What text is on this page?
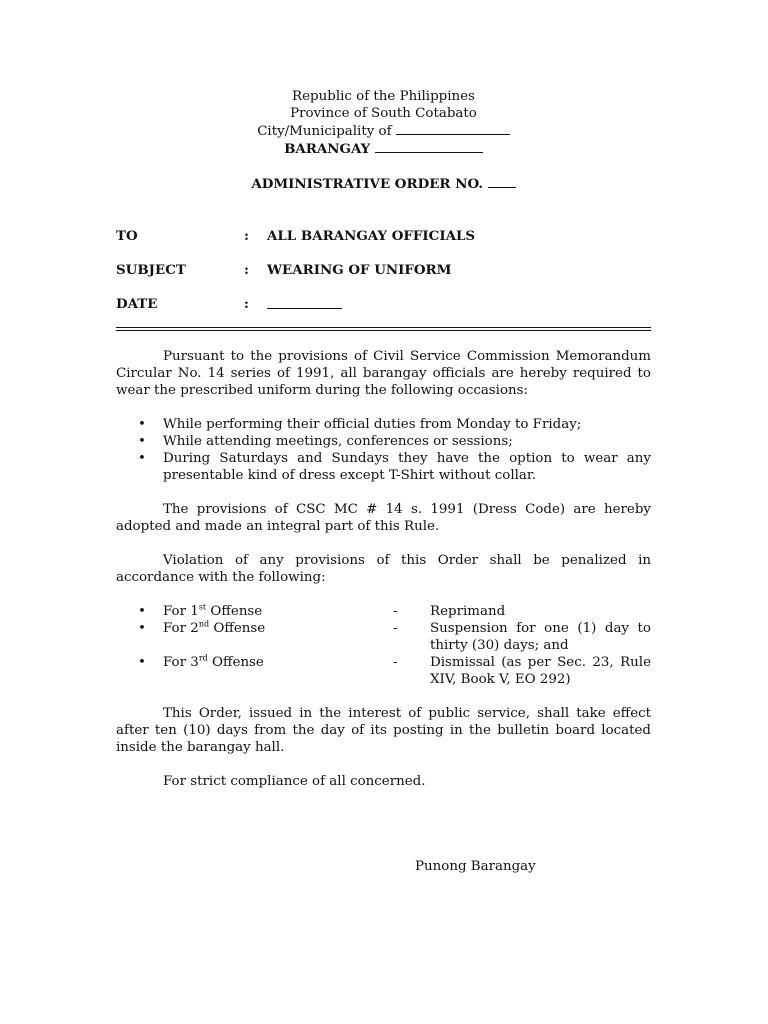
Republic of the Philippines
Province of South Cotabato
City/Municipality of
BARANGAY
ADMINISTRATIVE ORDER NO.
TO	:	ALL BARANGAY OFFICIALS
SUBJECT	:	WEARING OF UNIFORM
DATE	:

Pursuant to the provisions of Civil Service Commission Memorandum Circular No. 14 series of 1991, all barangay officials are hereby required to wear the prescribed uniform during the following occasions:

• While performing their official duties from Monday to Friday;
• While attending meetings, conferences or sessions;
• During Saturdays and Sundays they have the option to wear any presentable kind of dress except T-Shirt without collar.

The provisions of CSC MC # 14 s. 1991 (Dress Code) are hereby adopted and made an integral part of this Rule.

Violation of any provisions of this Order shall be penalized in accordance with the following:

• For 1st Offense	-	Reprimand
• For 2nd Offense	-	Suspension for one (1) day to thirty (30) days; and
• For 3rd Offense	-	Dismissal (as per Sec. 23, Rule XIV, Book V, EO 292)

This Order, issued in the interest of public service, shall take effect after ten (10) days from the day of its posting in the bulletin board located inside the barangay hall.

For strict compliance of all concerned.

Punong Barangay
